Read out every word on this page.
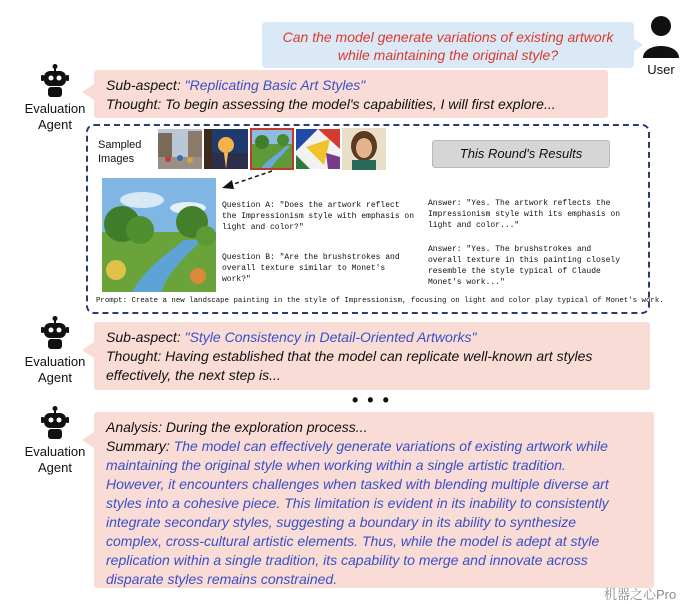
Can the model generate variations of existing artwork
while maintaining the original style?
User
Evaluation
Agent
Sub-aspect: "Replicating Basic Art Styles"
Thought: To begin assessing the model's capabilities, I will first explore...
Sampled
Images	This Round's Results
Question A: "Does the artwork reflect the Impressionism style with emphasis on light and color?"
Question B: "Are the brushstrokes and overall texture similar to Monet's work?"
Answer: "Yes. The artwork reflects the Impressionism style with its emphasis on light and color..."
Answer: "Yes. The brushstrokes and overall texture in this painting closely resemble the style typical of Claude Monet's work..."
Prompt: Create a new landscape painting in the style of Impressionism, focusing on light and color play typical of Monet's work.
Evaluation
Agent
Sub-aspect: "Style Consistency in Detail-Oriented Artworks"
Thought: Having established that the model can replicate well-known art styles
effectively, the next step is...
• • •
Evaluation
Agent
Analysis: During the exploration process...
Summary: The model can effectively generate variations of existing artwork while
maintaining the original style when working within a single artistic tradition.
However, it encounters challenges when tasked with blending multiple diverse art
styles into a cohesive piece. This limitation is evident in its inability to consistently
integrate secondary styles, suggesting a boundary in its ability to synthesize
complex, cross-cultural artistic elements. Thus, while the model is adept at style
replication within a single tradition, its capability to merge and innovate across
disparate styles remains constrained.
机器之心Pro
